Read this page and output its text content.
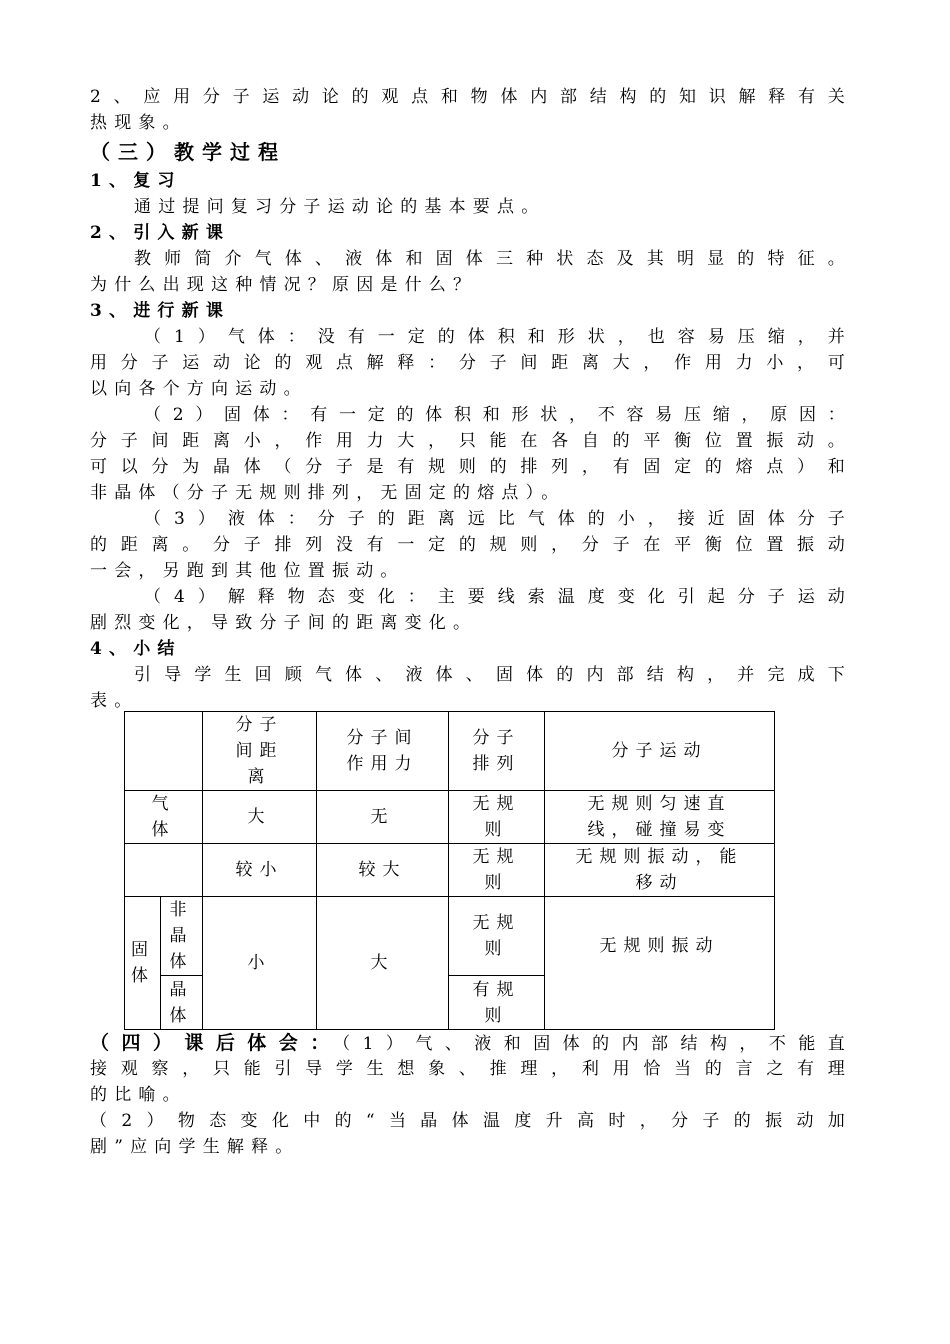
2、应用分子运动论的观点和物体内部结构的知识解释有关
热现象。
（三）教学过程
1、复习
通过提问复习分子运动论的基本要点。
2、引入新课
教师简介气体、液体和固体三种状态及其明显的特征。
为什么出现这种情况？原因是什么？
3、进行新课
（1）气体：没有一定的体积和形状，也容易压缩，并
用分子运动论的观点解释：分子间距离大，作用力小，可
以向各个方向运动。
（2）固体：有一定的体积和形状，不容易压缩，原因：
分子间距离小，作用力大，只能在各自的平衡位置振动。
可以分为晶体（分子是有规则的排列，有固定的熔点）和
非晶体（分子无规则排列，无固定的熔点）。
（3）液体：分子的距离远比气体的小，接近固体分子
的距离。分子排列没有一定的规则，分子在平衡位置振动
一会，另跑到其他位置振动。
（4）解释物态变化：主要线索温度变化引起分子运动
剧烈变化，导致分子间的距离变化。
4、小结
引导学生回顾气体、液体、固体的内部结构，并完成下
表。
		分子间距离	分子间作用力	分子排列	分子运动
气体		大	无	无规则	无规则匀速直线，碰撞易变
		较小	较大	无规则	无规则振动，能移动
固体	非晶体	小	大	无规则	无规则振动
	晶体			有规则	
（四）课后体会：（1）气、液和固体的内部结构，不能直
接观察，只能引导学生想象、推理，利用恰当的言之有理
的比喻。
（2）物态变化中的“当晶体温度升高时，分子的振动加
剧”应向学生解释。
